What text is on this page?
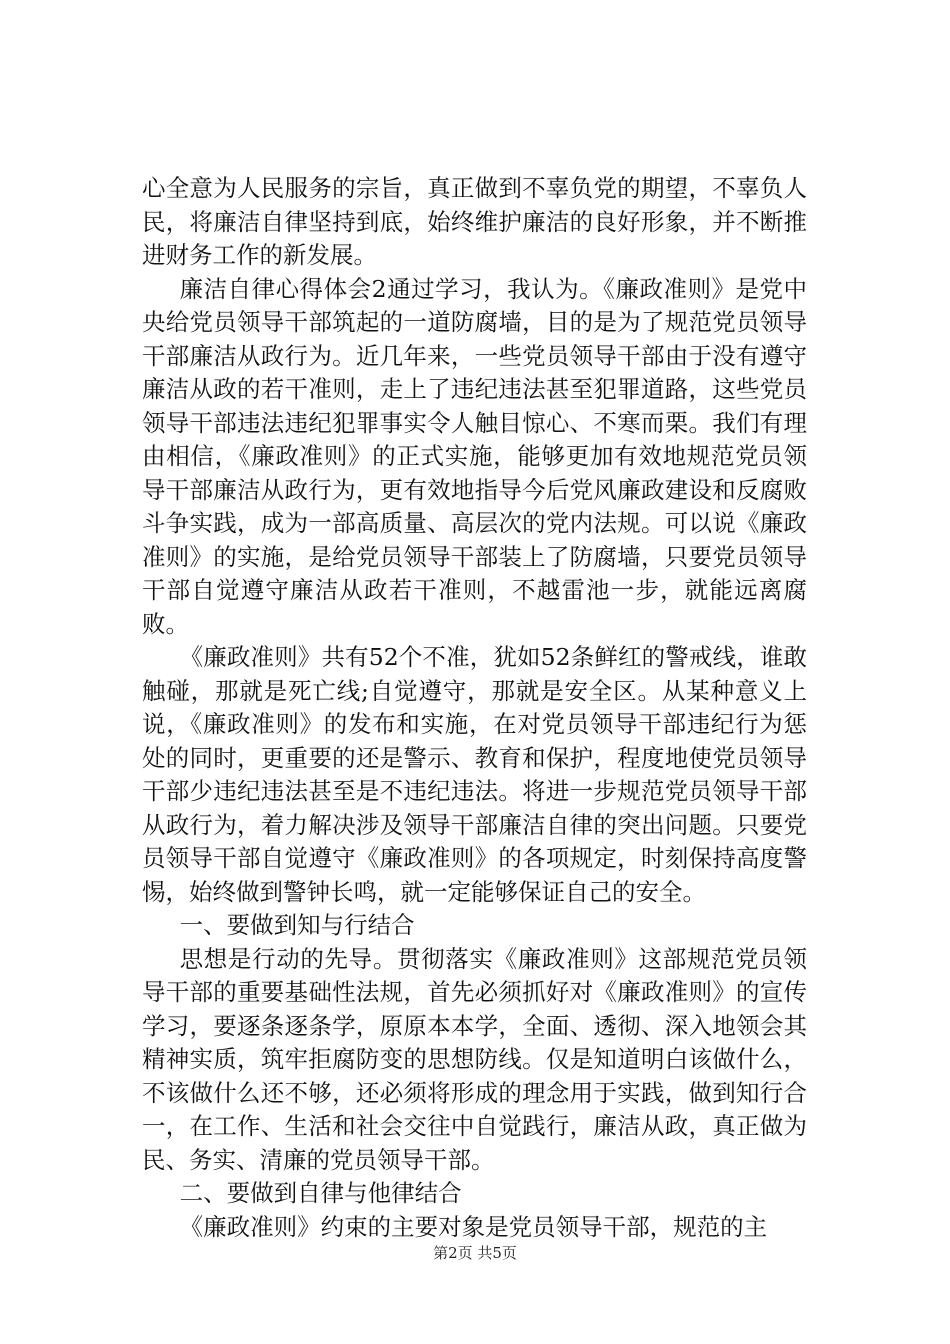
心全意为人民服务的宗旨，真正做到不辜负党的期望，不辜负人民，将廉洁自律坚持到底，始终维护廉洁的良好形象，并不断推进财务工作的新发展。

廉洁自律心得体会2通过学习，我认为。《廉政准则》是党中央给党员领导干部筑起的一道防腐墙，目的是为了规范党员领导干部廉洁从政行为。近几年来，一些党员领导干部由于没有遵守廉洁从政的若干准则，走上了违纪违法甚至犯罪道路，这些党员领导干部违法违纪犯罪事实令人触目惊心、不寒而栗。我们有理由相信，《廉政准则》的正式实施，能够更加有效地规范党员领导干部廉洁从政行为，更有效地指导今后党风廉政建设和反腐败斗争实践，成为一部高质量、高层次的党内法规。可以说《廉政准则》的实施，是给党员领导干部装上了防腐墙，只要党员领导干部自觉遵守廉洁从政若干准则，不越雷池一步，就能远离腐败。

《廉政准则》共有52个不准，犹如52条鲜红的警戒线，谁敢触碰，那就是死亡线;自觉遵守，那就是安全区。从某种意义上说，《廉政准则》的发布和实施，在对党员领导干部违纪行为惩处的同时，更重要的还是警示、教育和保护，程度地使党员领导干部少违纪违法甚至是不违纪违法。将进一步规范党员领导干部从政行为，着力解决涉及领导干部廉洁自律的突出问题。只要党员领导干部自觉遵守《廉政准则》的各项规定，时刻保持高度警惕，始终做到警钟长鸣，就一定能够保证自己的安全。

一、要做到知与行结合

思想是行动的先导。贯彻落实《廉政准则》这部规范党员领导干部的重要基础性法规，首先必须抓好对《廉政准则》的宣传学习，要逐条逐条学，原原本本学，全面、透彻、深入地领会其精神实质，筑牢拒腐防变的思想防线。仅是知道明白该做什么，不该做什么还不够，还必须将形成的理念用于实践，做到知行合一，在工作、生活和社会交往中自觉践行，廉洁从政，真正做为民、务实、清廉的党员领导干部。

二、要做到自律与他律结合

《廉政准则》约束的主要对象是党员领导干部，规范的主

第2页 共5页
